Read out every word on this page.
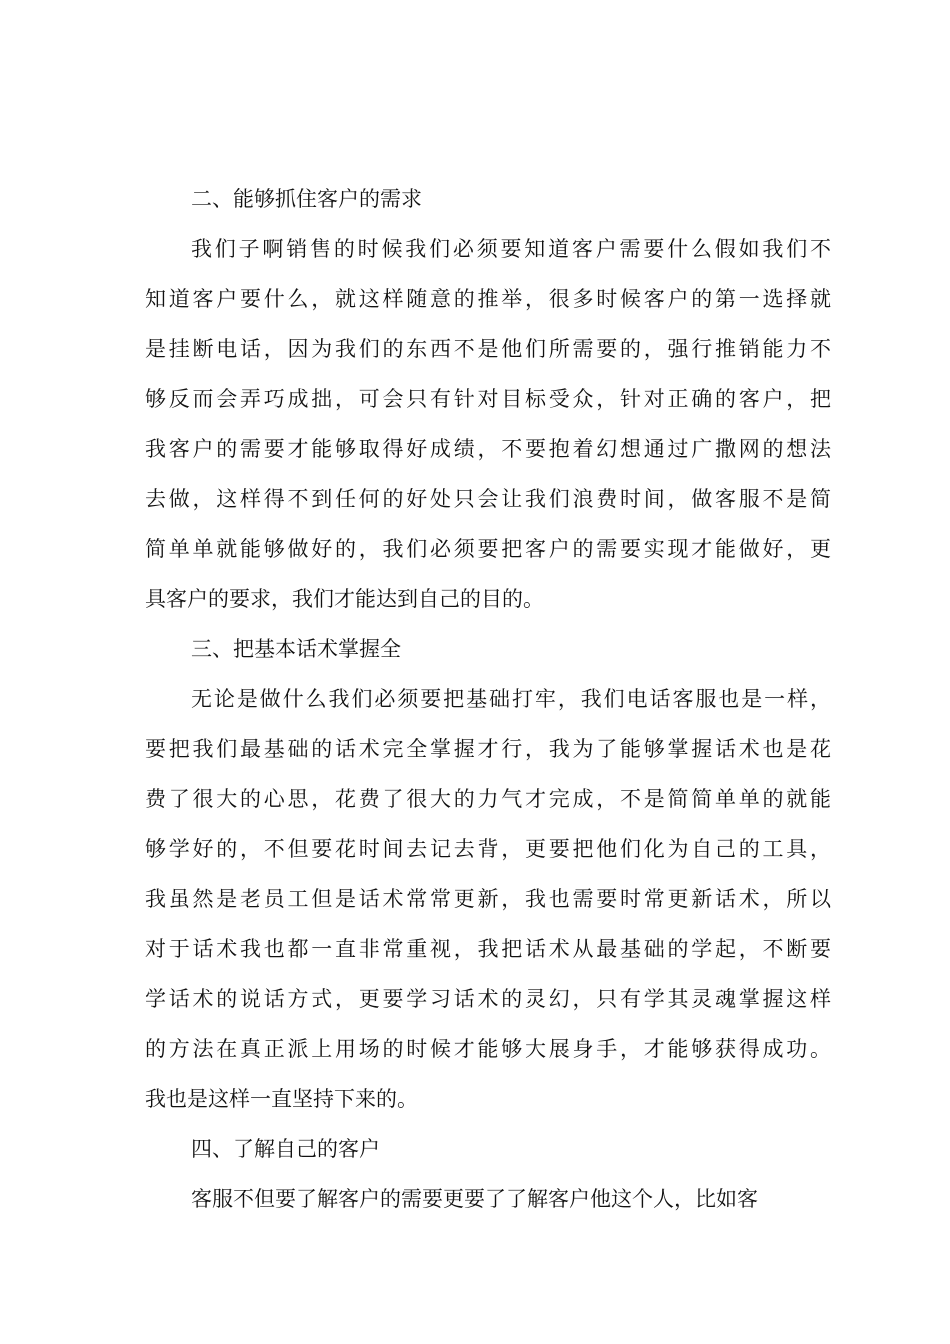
二、能够抓住客户的需求
我们子啊销售的时候我们必须要知道客户需要什么假如我们不
知道客户要什么，就这样随意的推举，很多时候客户的第一选择就
是挂断电话，因为我们的东西不是他们所需要的，强行推销能力不
够反而会弄巧成拙，可会只有针对目标受众，针对正确的客户，把
我客户的需要才能够取得好成绩，不要抱着幻想通过广撒网的想法
去做，这样得不到任何的好处只会让我们浪费时间，做客服不是简
简单单就能够做好的，我们必须要把客户的需要实现才能做好，更
具客户的要求，我们才能达到自己的目的。
三、把基本话术掌握全
无论是做什么我们必须要把基础打牢，我们电话客服也是一样，
要把我们最基础的话术完全掌握才行，我为了能够掌握话术也是花
费了很大的心思，花费了很大的力气才完成，不是简简单单的就能
够学好的，不但要花时间去记去背，更要把他们化为自己的工具，
我虽然是老员工但是话术常常更新，我也需要时常更新话术，所以
对于话术我也都一直非常重视，我把话术从最基础的学起，不断要
学话术的说话方式，更要学习话术的灵幻，只有学其灵魂掌握这样
的方法在真正派上用场的时候才能够大展身手，才能够获得成功。
我也是这样一直坚持下来的。
四、了解自己的客户
客服不但要了解客户的需要更要了了解客户他这个人，比如客
